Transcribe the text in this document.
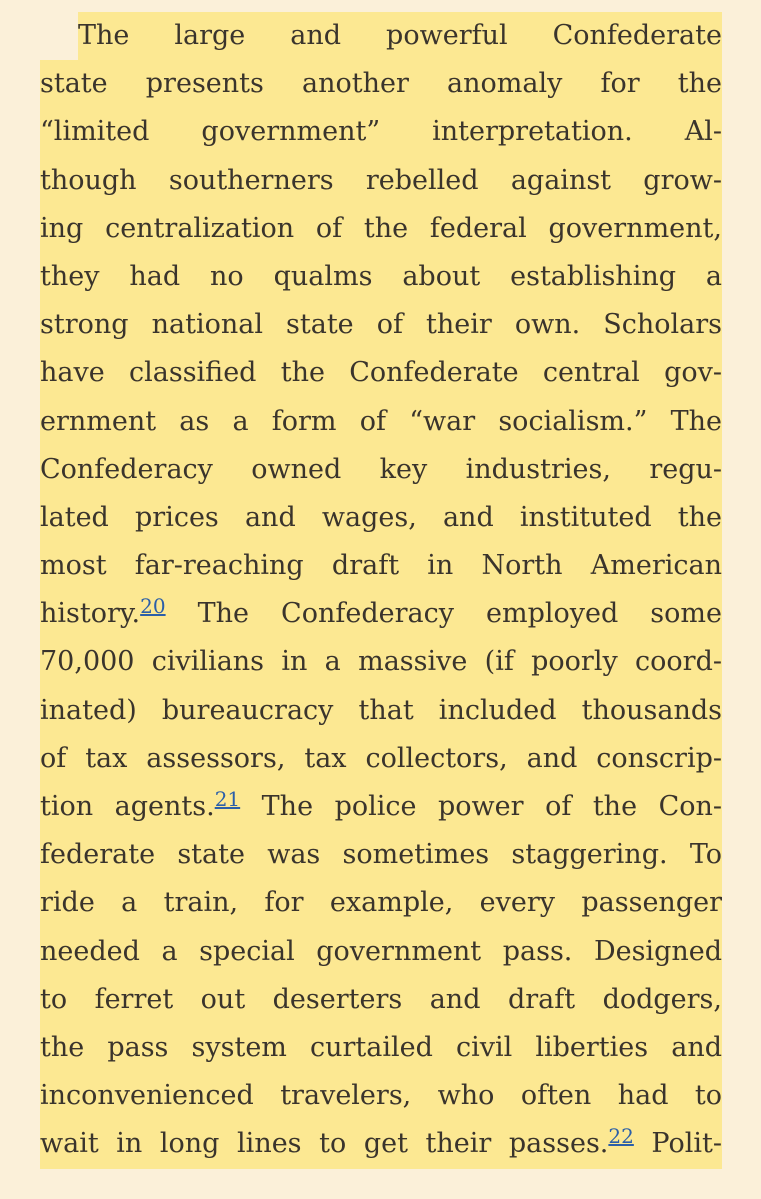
The large and powerful Confederate
state presents another anomaly for the
“limited government” interpretation. Al-
though southerners rebelled against grow-
ing centralization of the federal government,
they had no qualms about establishing a
strong national state of their own. Scholars
have classified the Confederate central gov-
ernment as a form of “war socialism.” The
Confederacy owned key industries, regu-
lated prices and wages, and instituted the
most far-reaching draft in North American
history.$^{20}$ The Confederacy employed some
70,000 civilians in a massive (if poorly coord-
inated) bureaucracy that included thousands
of tax assessors, tax collectors, and conscrip-
tion agents.$^{21}$ The police power of the Con-
federate state was sometimes staggering. To
ride a train, for example, every passenger
needed a special government pass. Designed
to ferret out deserters and draft dodgers,
the pass system curtailed civil liberties and
inconvenienced travelers, who often had to
wait in long lines to get their passes.$^{22}$ Polit-
